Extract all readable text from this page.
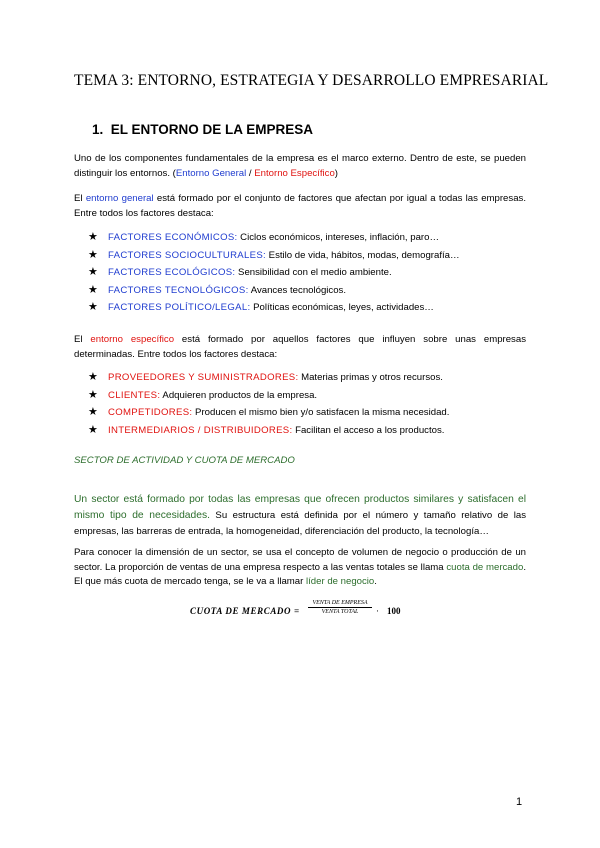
TEMA 3: ENTORNO, ESTRATEGIA Y DESARROLLO EMPRESARIAL
1. EL ENTORNO DE LA EMPRESA

Uno de los componentes fundamentales de la empresa es el marco externo. Dentro de este, se pueden distinguir los entornos. (Entorno General / Entorno Específico)

El entorno general está formado por el conjunto de factores que afectan por igual a todas las empresas. Entre todos los factores destaca:

★ FACTORES ECONÓMICOS: Ciclos económicos, intereses, inflación, paro…
★ FACTORES SOCIOCULTURALES: Estilo de vida, hábitos, modas, demografía…
★ FACTORES ECOLÓGICOS: Sensibilidad con el medio ambiente.
★ FACTORES TECNOLÓGICOS: Avances tecnológicos.
★ FACTORES POLÍTICO/LEGAL: Políticas económicas, leyes, actividades…

El entorno específico está formado por aquellos factores que influyen sobre unas empresas determinadas. Entre todos los factores destaca:

★ PROVEEDORES Y SUMINISTRADORES: Materias primas y otros recursos.
★ CLIENTES: Adquieren productos de la empresa.
★ COMPETIDORES: Producen el mismo bien y/o satisfacen la misma necesidad.
★ INTERMEDIARIOS / DISTRIBUIDORES: Facilitan el acceso a los productos.

SECTOR DE ACTIVIDAD Y CUOTA DE MERCADO

Un sector está formado por todas las empresas que ofrecen productos similares y satisfacen el mismo tipo de necesidades. Su estructura está definida por el número y tamaño relativo de las empresas, las barreras de entrada, la homogeneidad, diferenciación del producto, la tecnología…

Para conocer la dimensión de un sector, se usa el concepto de volumen de negocio o producción de un sector. La proporción de ventas de una empresa respecto a las ventas totales se llama cuota de mercado. El que más cuota de mercado tenga, se le va a llamar líder de negocio.

CUOTA DE MERCADO =
VENTA DE EMPRESA
VENTA TOTAL	· 100
1
